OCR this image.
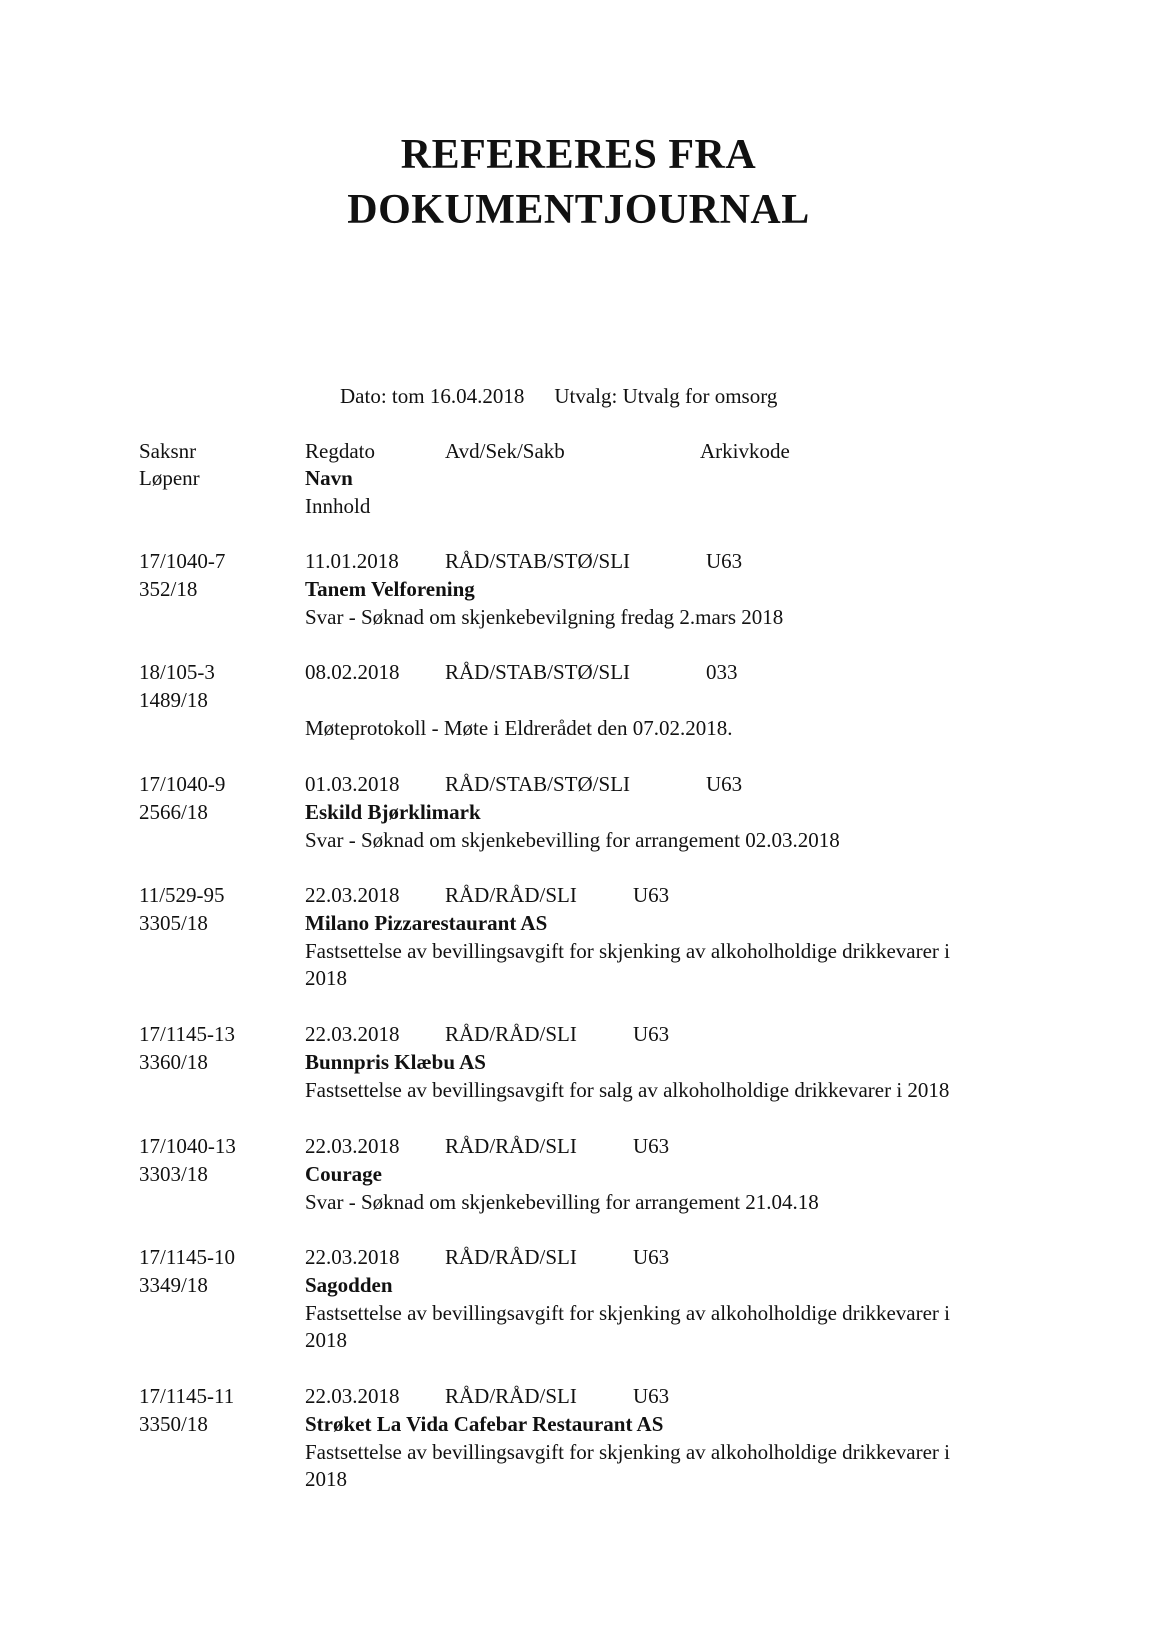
REFERERES FRA
DOKUMENTJOURNAL
Dato: tom 16.04.2018 Utvalg: Utvalg for omsorg
Saksnr	Regdato	Avd/Sek/Sakb	Arkivkode
Løpenr	Navn
Innhold
17/1040-7	11.01.2018 RÅD/STAB/STØ/SLI	U63
352/18	Tanem Velforening
Svar - Søknad om skjenkebevilgning fredag 2.mars 2018
18/105-3	08.02.2018 RÅD/STAB/STØ/SLI	033
1489/18
Møteprotokoll - Møte i Eldrerådet den 07.02.2018.
17/1040-9	01.03.2018 RÅD/STAB/STØ/SLI	U63
2566/18	Eskild Bjørklimark
Svar - Søknad om skjenkebevilling for arrangement 02.03.2018
11/529-95	22.03.2018 RÅD/RÅD/SLI	U63
3305/18	Milano Pizzarestaurant AS
Fastsettelse av bevillingsavgift for skjenking av alkoholholdige drikkevarer i
2018
17/1145-13	22.03.2018 RÅD/RÅD/SLI	U63
3360/18	Bunnpris Klæbu AS
Fastsettelse av bevillingsavgift for salg av alkoholholdige drikkevarer i 2018
17/1040-13	22.03.2018 RÅD/RÅD/SLI	U63
3303/18	Courage
Svar - Søknad om skjenkebevilling for arrangement 21.04.18
17/1145-10	22.03.2018 RÅD/RÅD/SLI	U63
3349/18	Sagodden
Fastsettelse av bevillingsavgift for skjenking av alkoholholdige drikkevarer i
2018
17/1145-11	22.03.2018 RÅD/RÅD/SLI	U63
3350/18	Strøket La Vida Cafebar Restaurant AS
Fastsettelse av bevillingsavgift for skjenking av alkoholholdige drikkevarer i
2018
